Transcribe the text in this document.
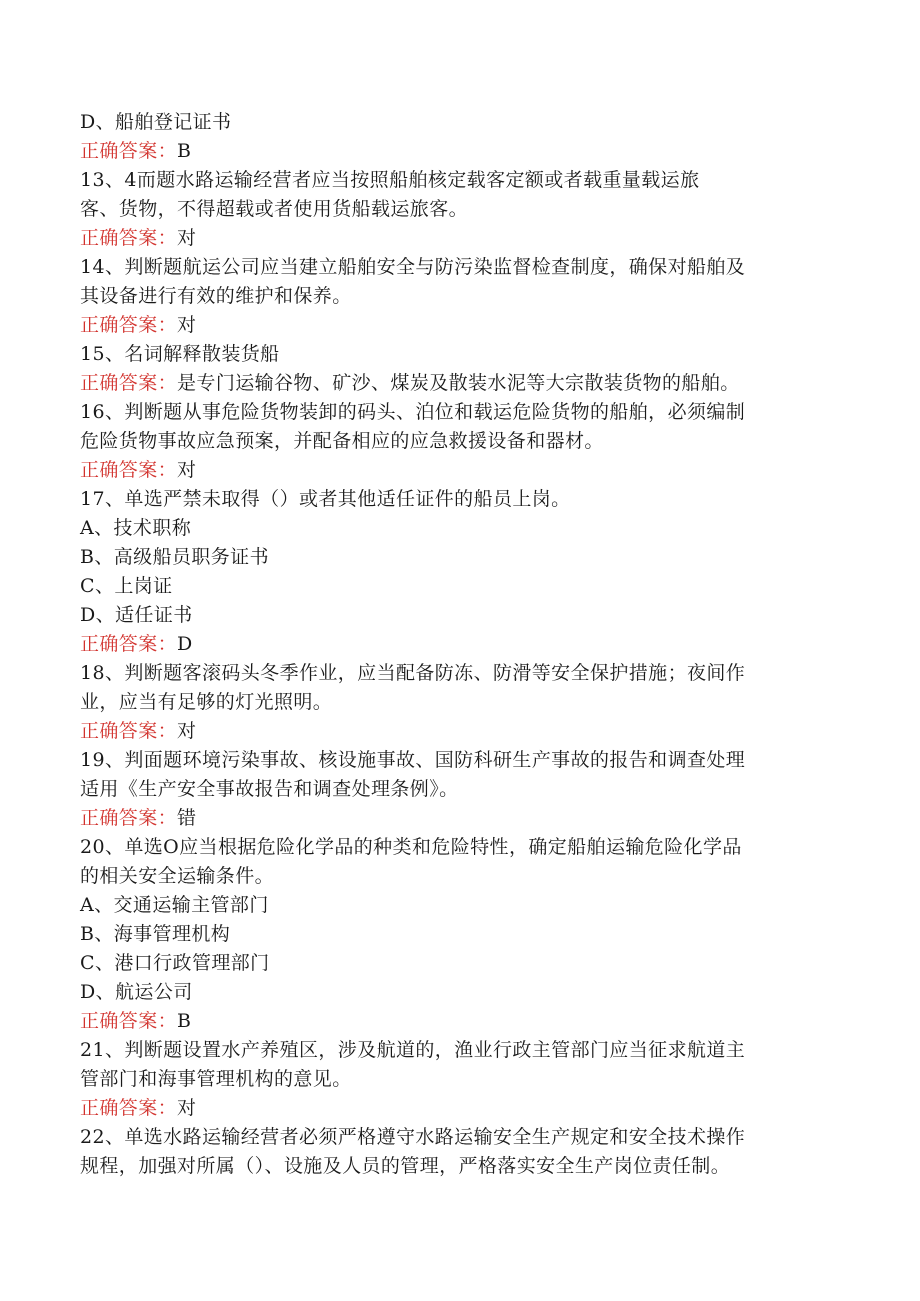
D、船舶登记证书
正确答案：B
13、4而题水路运输经营者应当按照船舶核定载客定额或者载重量载运旅
客、货物，不得超载或者使用货船载运旅客。
正确答案：对
14、判断题航运公司应当建立船舶安全与防污染监督检查制度，确保对船舶及
其设备进行有效的维护和保养。
正确答案：对
15、名词解释散装货船
正确答案：是专门运输谷物、矿沙、煤炭及散装水泥等大宗散装货物的船舶。
16、判断题从事危险货物装卸的码头、泊位和载运危险货物的船舶，必须编制
危险货物事故应急预案，并配备相应的应急救援设备和器材。
正确答案：对
17、单选严禁未取得（）或者其他适任证件的船员上岗。
A、技术职称
B、高级船员职务证书
C、上岗证
D、适任证书
正确答案：D
18、判断题客滚码头冬季作业，应当配备防冻、防滑等安全保护措施；夜间作
业，应当有足够的灯光照明。
正确答案：对
19、判面题环境污染事故、核设施事故、国防科研生产事故的报告和调查处理
适用《生产安全事故报告和调查处理条例》。
正确答案：错
20、单选O应当根据危险化学品的种类和危险特性，确定船舶运输危险化学品
的相关安全运输条件。
A、交通运输主管部门
B、海事管理机构
C、港口行政管理部门
D、航运公司
正确答案：B
21、判断题设置水产养殖区，涉及航道的，渔业行政主管部门应当征求航道主
管部门和海事管理机构的意见。
正确答案：对
22、单选水路运输经营者必须严格遵守水路运输安全生产规定和安全技术操作
规程，加强对所属（）、设施及人员的管理，严格落实安全生产岗位责任制。
